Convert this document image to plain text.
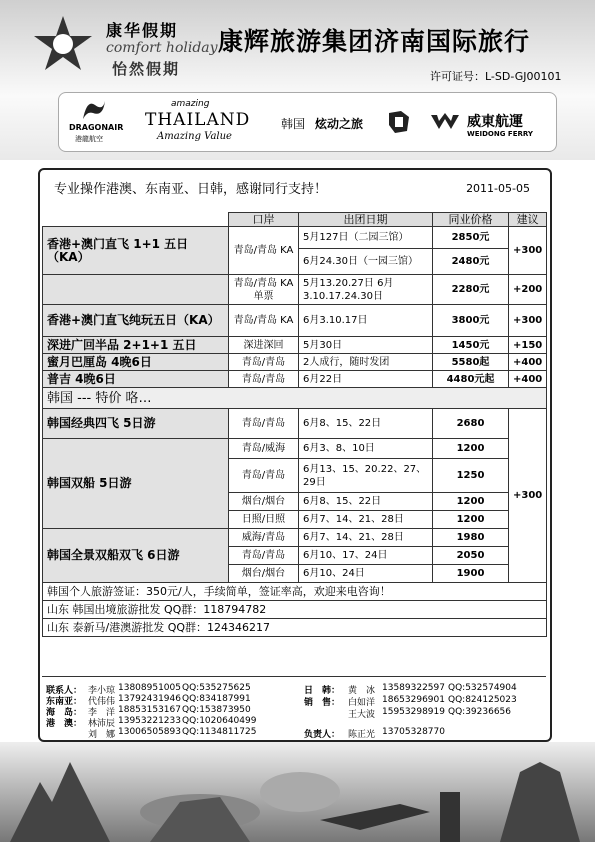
康华假期
comfort holiday
怡然假期
康辉旅游集团济南国际旅行
许可证号：L-SD-GJ00101
DRAGONAIR
港龍航空
amazing
THAILAND
Amazing Value
韩国 炫动之旅	威東航運
WEIDONG FERRY
专业操作港澳、东南亚、日韩，感谢同行支持！	2011-05-05
	口岸	出团日期	同业价格	建议
香港+澳门直飞 1+1 五日（KA）	青岛/青岛 KA	5月127日（二园三馆）	2850元	+300
		6月24.30日（一园三馆）	2480元	
	青岛/青岛 KA单票	5月13.20.27日 6月3.10.17.24.30日	2280元	+200
香港+澳门直飞纯玩五日（KA）	青岛/青岛 KA	6月3.10.17日	3800元	+300
深进广回半品 2+1+1 五日	深进深回	5月30日	1450元	+150
蜜月巴厘岛 4晚6日	青岛/青岛	2人成行，随时发团	5580起	+400
普吉 4晚6日	青岛/青岛	6月22日	4480元起	+400
韩国 --- 特价 咯…				
韩国经典四飞 5日游	青岛/青岛	6月8、15、22日	2680	+300
韩国双船 5日游	青岛/威海	6月3、8、10日	1200	
	青岛/青岛	6月13、15、20.22、27、29日	1250	
	烟台/烟台	6月8、15、22日	1200	
	日照/日照	6月7、14、21、28日	1200	
韩国全景双船双飞 6日游	威海/青岛	6月7、14、21、28日	1980	
	青岛/青岛	6月10、17、24日	2050	
	烟台/烟台	6月10、24日	1900	
韩国个人旅游签证：350元/人，手续简单，签证率高，欢迎来电咨询！				
山东 韩国出境旅游批发 QQ群：118794782				
山东 泰新马/港澳游批发 QQ群：124346217				
联系人： 李小琼 13808951005 QQ:535275625
东南亚： 代伟伟 13792431946 QQ:834187991
海　岛： 李　洋 18853153167 QQ:153873950
港　澳： 林沛辰 13953221233 QQ:1020640499
刘　娜 13006505893 QQ:1134811725
日　韩： 黄　冰 13589322597 QQ:532574904
销　售： 白如洋 18653296901 QQ:824125023
王大波 15953298919 QQ:39236656
负责人： 陈正光 13705328770
